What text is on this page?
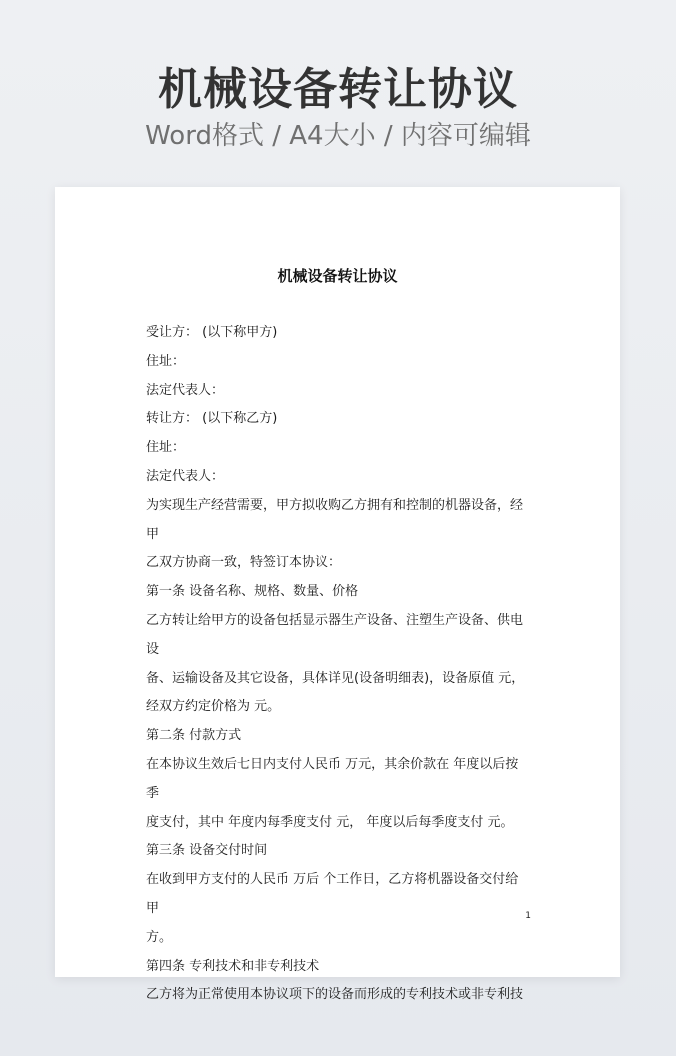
机械设备转让协议
Word格式 / A4大小 / 内容可编辑
机械设备转让协议

受让方： (以下称甲方)

住址：

法定代表人：

转让方： (以下称乙方)

住址：

法定代表人：

为实现生产经营需要，甲方拟收购乙方拥有和控制的机器设备，经甲

乙双方协商一致，特签订本协议：

第一条 设备名称、规格、数量、价格

乙方转让给甲方的设备包括显示器生产设备、注塑生产设备、供电设

备、运输设备及其它设备，具体详见(设备明细表)，设备原值 元，

经双方约定价格为 元。

第二条 付款方式

在本协议生效后七日内支付人民币 万元，其余价款在 年度以后按季

度支付，其中 年度内每季度支付 元， 年度以后每季度支付 元。

第三条 设备交付时间

在收到甲方支付的人民币 万后 个工作日，乙方将机器设备交付给甲

方。

第四条 专利技术和非专利技术

乙方将为正常使用本协议项下的设备而形成的专利技术或非专利技

1
